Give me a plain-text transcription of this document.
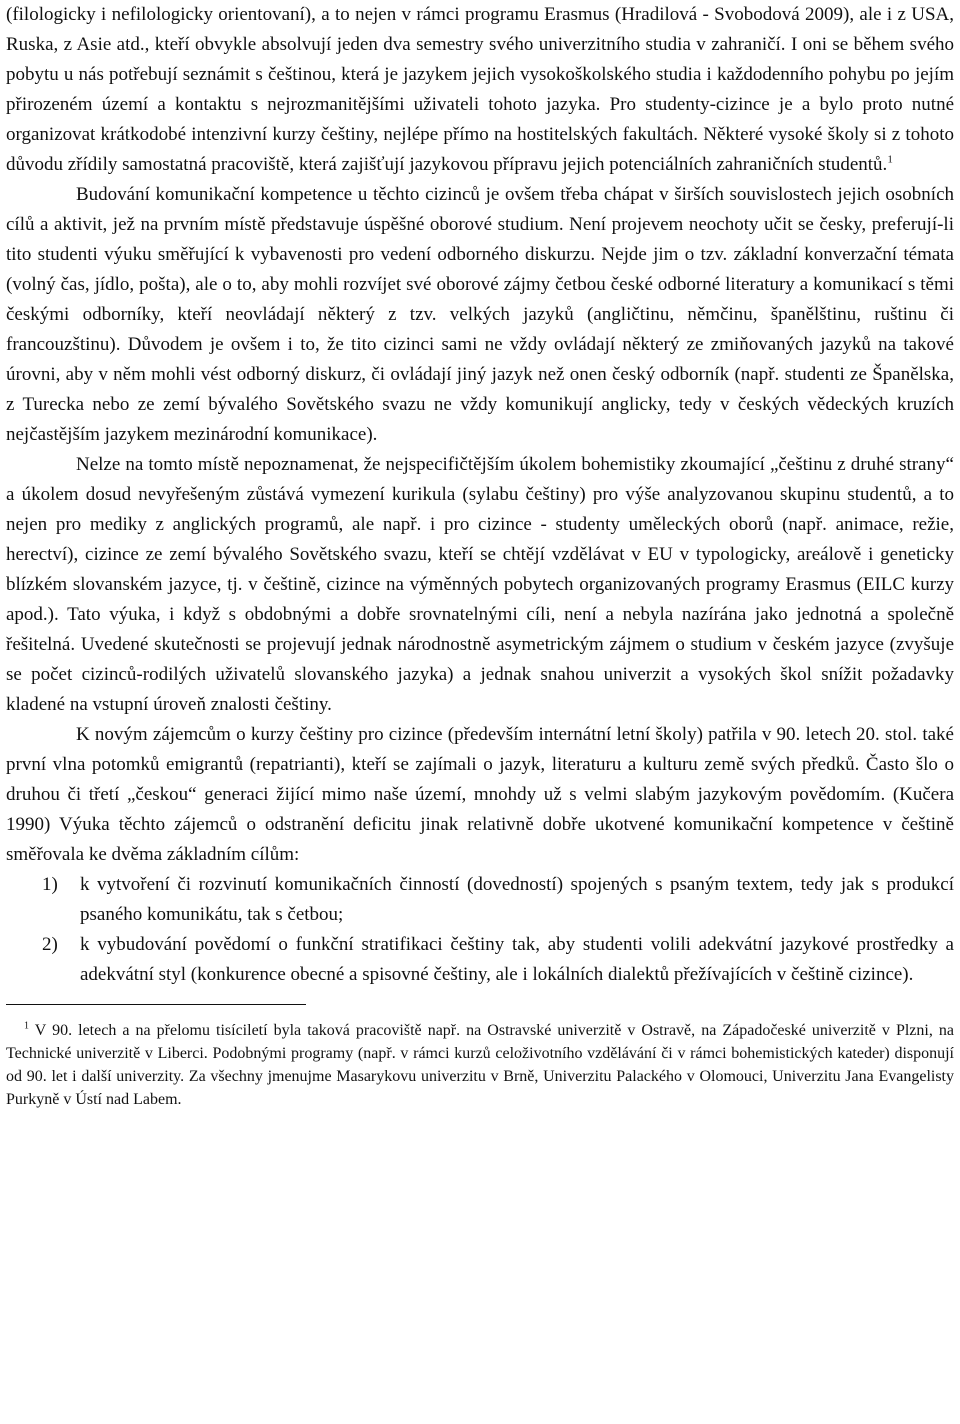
(filologicky i nefilologicky orientovaní), a to nejen v rámci programu Erasmus (Hradilová - Svobodová 2009), ale i z USA, Ruska, z Asie atd., kteří obvykle absolvují jeden dva semestry svého univerzitního studia v zahraničí. I oni se během svého pobytu u nás potřebují seznámit s češtinou, která je jazykem jejich vysokoškolského studia i každodenního pohybu po jejím přirozeném území a kontaktu s nejrozmanitějšími uživateli tohoto jazyka. Pro studenty-cizince je a bylo proto nutné organizovat krátkodobé intenzivní kurzy češtiny, nejlépe přímo na hostitelských fakultách. Některé vysoké školy si z tohoto důvodu zřídily samostatná pracoviště, která zajišťují jazykovou přípravu jejich potenciálních zahraničních studentů.$^1$

Budování komunikační kompetence u těchto cizinců je ovšem třeba chápat v širších souvislostech jejich osobních cílů a aktivit, jež na prvním místě představuje úspěšné oborové studium. Není projevem neochoty učit se česky, preferují-li tito studenti výuku směřující k vybavenosti pro vedení odborného diskurzu. Nejde jim o tzv. základní konverzační témata (volný čas, jídlo, pošta), ale o to, aby mohli rozvíjet své oborové zájmy četbou české odborné literatury a komunikací s těmi českými odborníky, kteří neovládají některý z tzv. velkých jazyků (angličtinu, němčinu, španělštinu, ruštinu či francouzštinu). Důvodem je ovšem i to, že tito cizinci sami ne vždy ovládají některý ze zmiňovaných jazyků na takové úrovni, aby v něm mohli vést odborný diskurz, či ovládají jiný jazyk než onen český odborník (např. studenti ze Španělska, z Turecka nebo ze zemí bývalého Sovětského svazu ne vždy komunikují anglicky, tedy v českých vědeckých kruzích nejčastějším jazykem mezinárodní komunikace).

Nelze na tomto místě nepoznamenat, že nejspecifičtějším úkolem bohemistiky zkoumající „češtinu z druhé strany“ a úkolem dosud nevyřešeným zůstává vymezení kurikula (sylabu češtiny) pro výše analyzovanou skupinu studentů, a to nejen pro mediky z anglických programů, ale např. i pro cizince - studenty uměleckých oborů (např. animace, režie, herectví), cizince ze zemí bývalého Sovětského svazu, kteří se chtějí vzdělávat v EU v typologicky, areálově i geneticky blízkém slovanském jazyce, tj. v češtině, cizince na výměnných pobytech organizovaných programy Erasmus (EILC kurzy apod.). Tato výuka, i když s obdobnými a dobře srovnatelnými cíli, není a nebyla nazírána jako jednotná a společně řešitelná. Uvedené skutečnosti se projevují jednak národnostně asymetrickým zájmem o studium v českém jazyce (zvyšuje se počet cizinců-rodilých uživatelů slovanského jazyka) a jednak snahou univerzit a vysokých škol snížit požadavky kladené na vstupní úroveň znalosti češtiny.

K novým zájemcům o kurzy češtiny pro cizince (především internátní letní školy) patřila v 90. letech 20. stol. také první vlna potomků emigrantů (repatrianti), kteří se zajímali o jazyk, literaturu a kulturu země svých předků. Často šlo o druhou či třetí „českou“ generaci žijící mimo naše území, mnohdy už s velmi slabým jazykovým povědomím. (Kučera 1990) Výuka těchto zájemců o odstranění deficitu jinak relativně dobře ukotvené komunikační kompetence v češtině směřovala ke dvěma základním cílům:

1) k vytvoření či rozvinutí komunikačních činností (dovedností) spojených s psaným textem, tedy jak s produkcí psaného komunikátu, tak s četbou;
2) k vybudování povědomí o funkční stratifikaci češtiny tak, aby studenti volili adekvátní jazykové prostředky a adekvátní styl (konkurence obecné a spisovné češtiny, ale i lokálních dialektů přežívajících v češtině cizince).

$^1$ V 90. letech a na přelomu tisíciletí byla taková pracoviště např. na Ostravské univerzitě v Ostravě, na Západočeské univerzitě v Plzni, na Technické univerzitě v Liberci. Podobnými programy (např. v rámci kurzů celoživotního vzdělávání či v rámci bohemistických kateder) disponují od 90. let i další univerzity. Za všechny jmenujme Masarykovu univerzitu v Brně, Univerzitu Palackého v Olomouci, Univerzitu Jana Evangelisty Purkyně v Ústí nad Labem.
